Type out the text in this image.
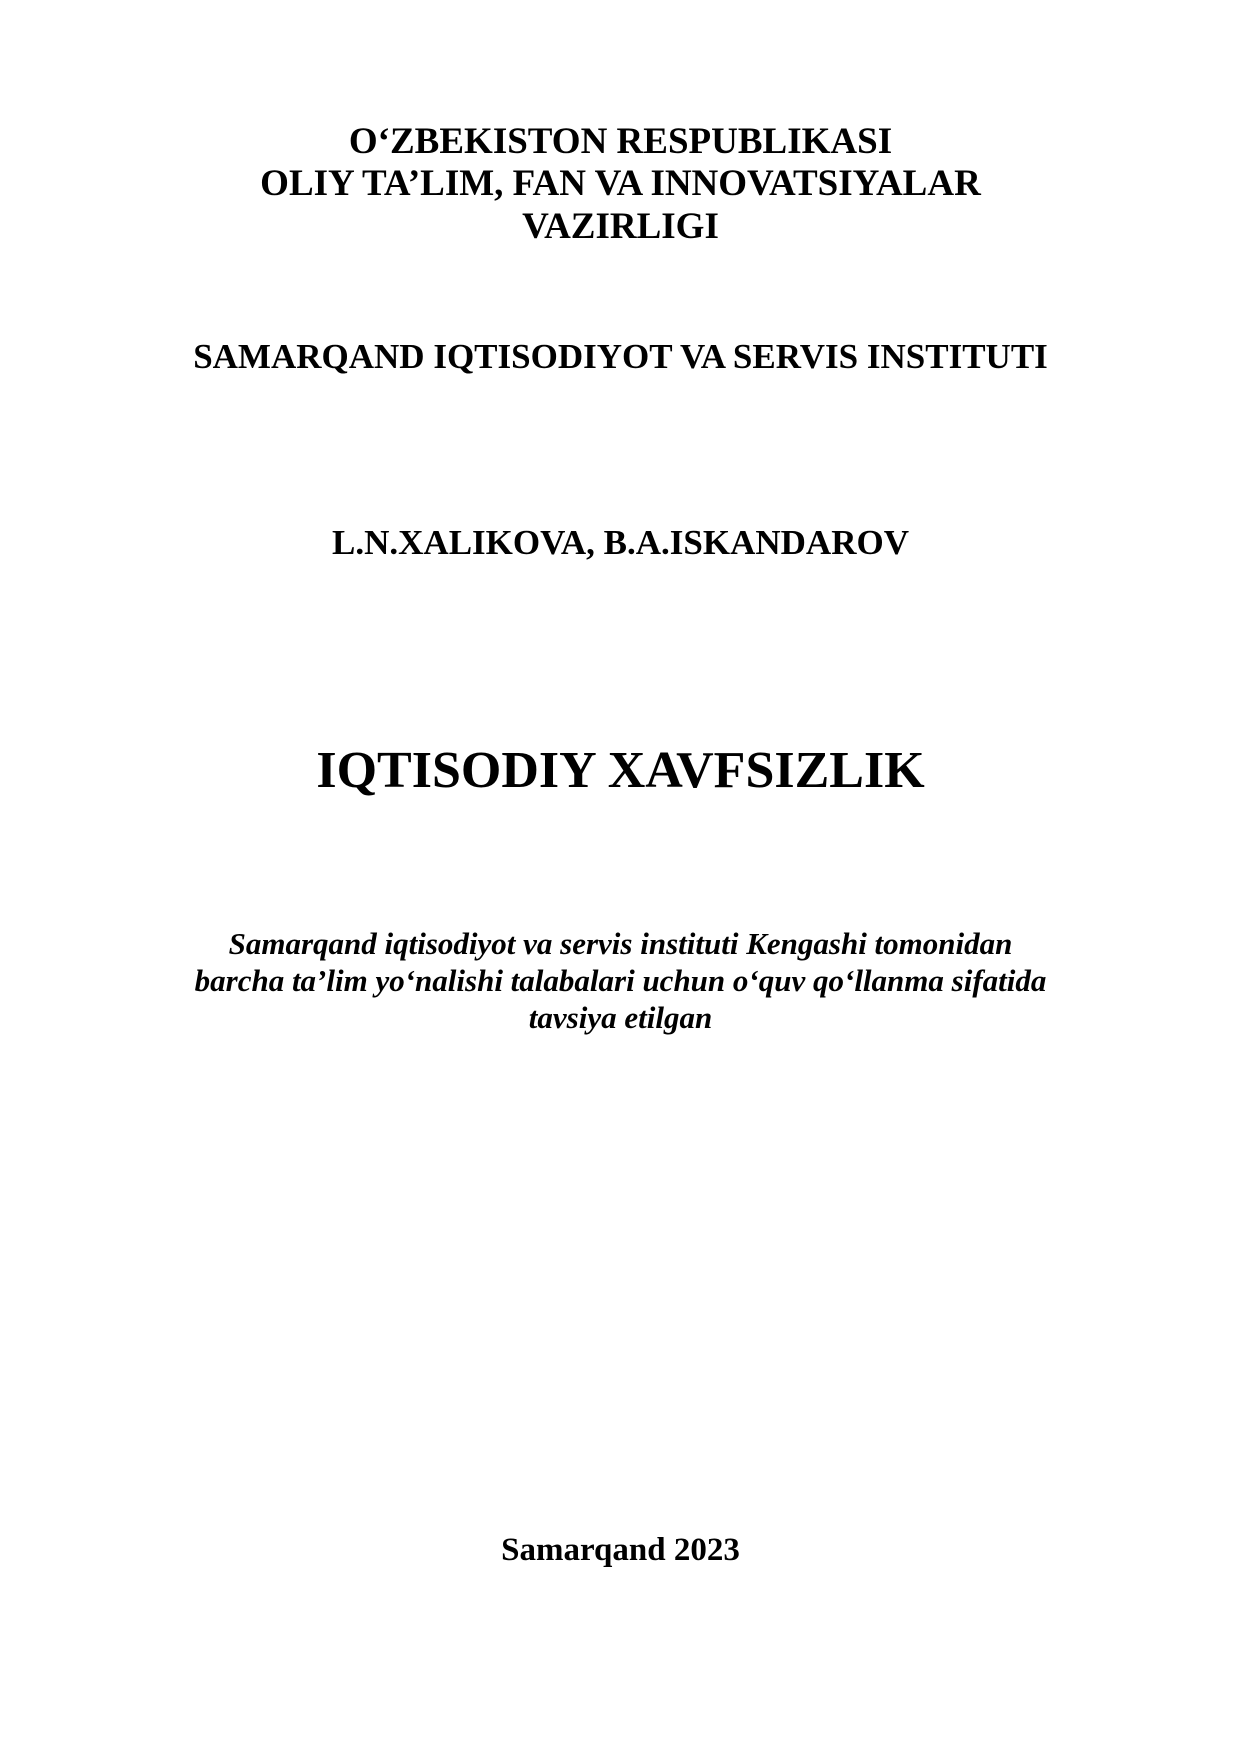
O‘ZBEKISTON RESPUBLIKASI

OLIY TA’LIM, FAN VA INNOVATSIYALAR

VAZIRLIGI

SAMARQAND IQTISODIYOT VA SERVIS INSTITUTI

L.N.XALIKOVA, B.A.ISKANDAROV

IQTISODIY XAVFSIZLIK

Samarqand iqtisodiyot va servis instituti Kengashi tomonidan

barcha ta’lim yo‘nalishi talabalari uchun o‘quv qo‘llanma sifatida

tavsiya etilgan

Samarqand 2023
